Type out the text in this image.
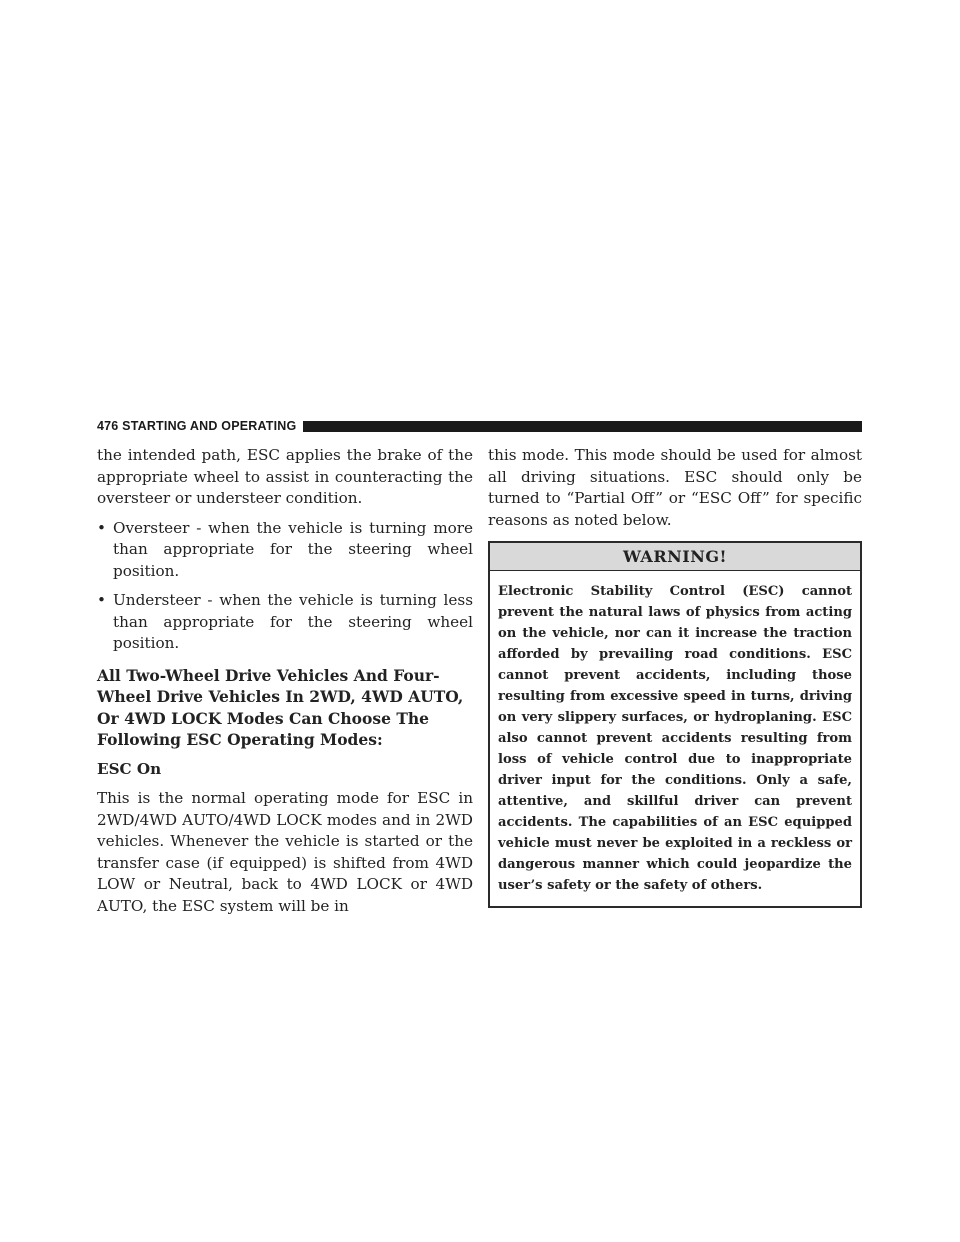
476 STARTING AND OPERATING

the intended path, ESC applies the brake of the appropriate wheel to assist in counteracting the oversteer or understeer condition.

• Oversteer - when the vehicle is turning more than appropriate for the steering wheel position.
• Understeer - when the vehicle is turning less than appropriate for the steering wheel position.
All Two-Wheel Drive Vehicles And Four-Wheel Drive Vehicles In 2WD, 4WD AUTO, Or 4WD LOCK Modes Can Choose The Following ESC Operating Modes:
ESC On

This is the normal operating mode for ESC in 2WD/4WD AUTO/4WD LOCK modes and in 2WD vehicles. Whenever the vehicle is started or the transfer case (if equipped) is shifted from 4WD LOW or Neutral, back to 4WD LOCK or 4WD AUTO, the ESC system will be in

this mode. This mode should be used for almost all driving situations. ESC should only be turned to “Partial Off” or “ESC Off” for specific reasons as noted below.

WARNING!
Electronic Stability Control (ESC) cannot prevent the natural laws of physics from acting on the vehicle, nor can it increase the traction afforded by prevailing road conditions. ESC cannot prevent accidents, including those resulting from excessive speed in turns, driving on very slippery surfaces, or hydroplaning. ESC also cannot prevent accidents resulting from loss of vehicle control due to inappropriate driver input for the conditions. Only a safe, attentive, and skillful driver can prevent accidents. The capabilities of an ESC equipped vehicle must never be exploited in a reckless or dangerous manner which could jeopardize the user’s safety or the safety of others.
